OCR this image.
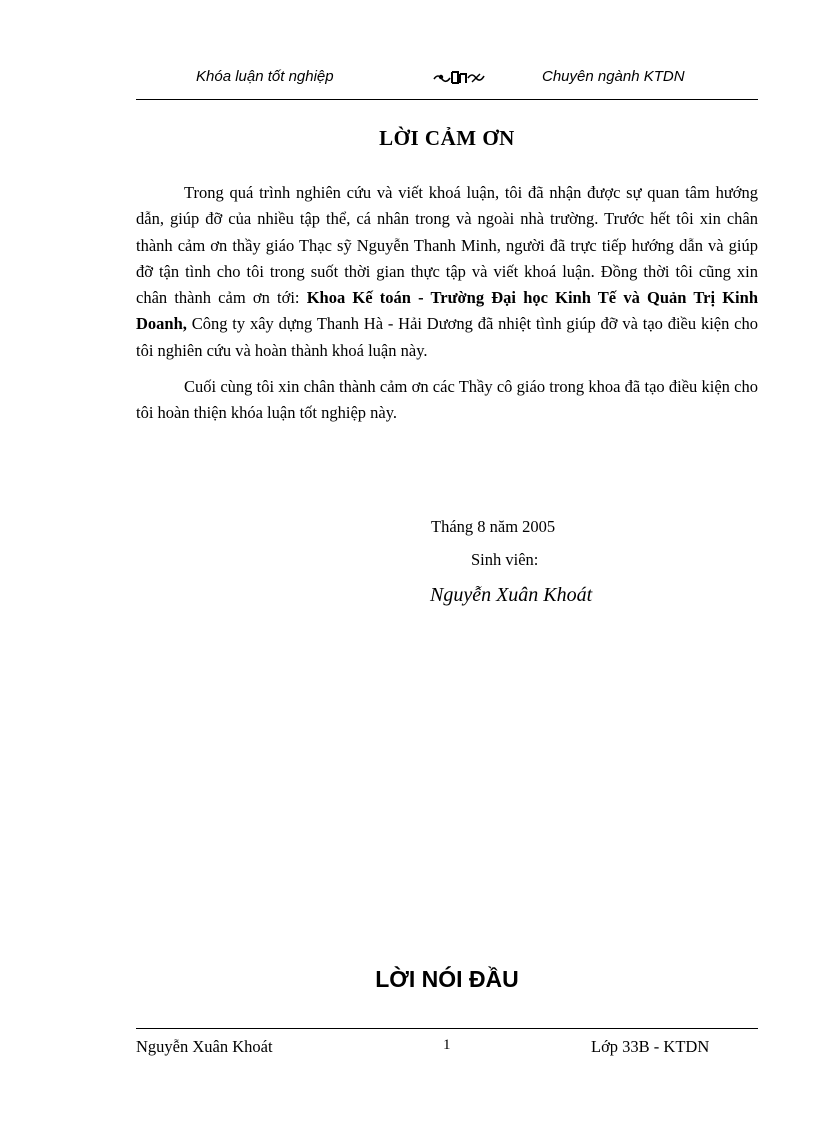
Khóa luận tốt nghiệp	Chuyên ngành KTDN
LỜI CẢM ƠN

Trong quá trình nghiên cứu và viết khoá luận, tôi đã nhận được sự quan tâm hướng dẫn, giúp đỡ của nhiều tập thể, cá nhân trong và ngoài nhà trường. Trước hết tôi xin chân thành cảm ơn thầy giáo Thạc sỹ Nguyễn Thanh Minh, người đã trực tiếp hướng dẫn và giúp đỡ tận tình cho tôi trong suốt thời gian thực tập và viết khoá luận. Đồng thời tôi cũng xin chân thành cảm ơn tới: Khoa Kế toán - Trường Đại học Kinh Tế và Quản Trị Kinh Doanh, Công ty xây dựng Thanh Hà - Hải Dương đã nhiệt tình giúp đỡ và tạo điều kiện cho tôi nghiên cứu và hoàn thành khoá luận này.

Cuối cùng tôi xin chân thành cảm ơn các Thầy cô giáo trong khoa đã tạo điều kiện cho tôi hoàn thiện khóa luận tốt nghiệp này.

Tháng 8 năm 2005
Sinh viên:
Nguyễn Xuân Khoát
LỜI NÓI ĐẦU
Nguyễn Xuân Khoát	1	Lớp 33B - KTDN
